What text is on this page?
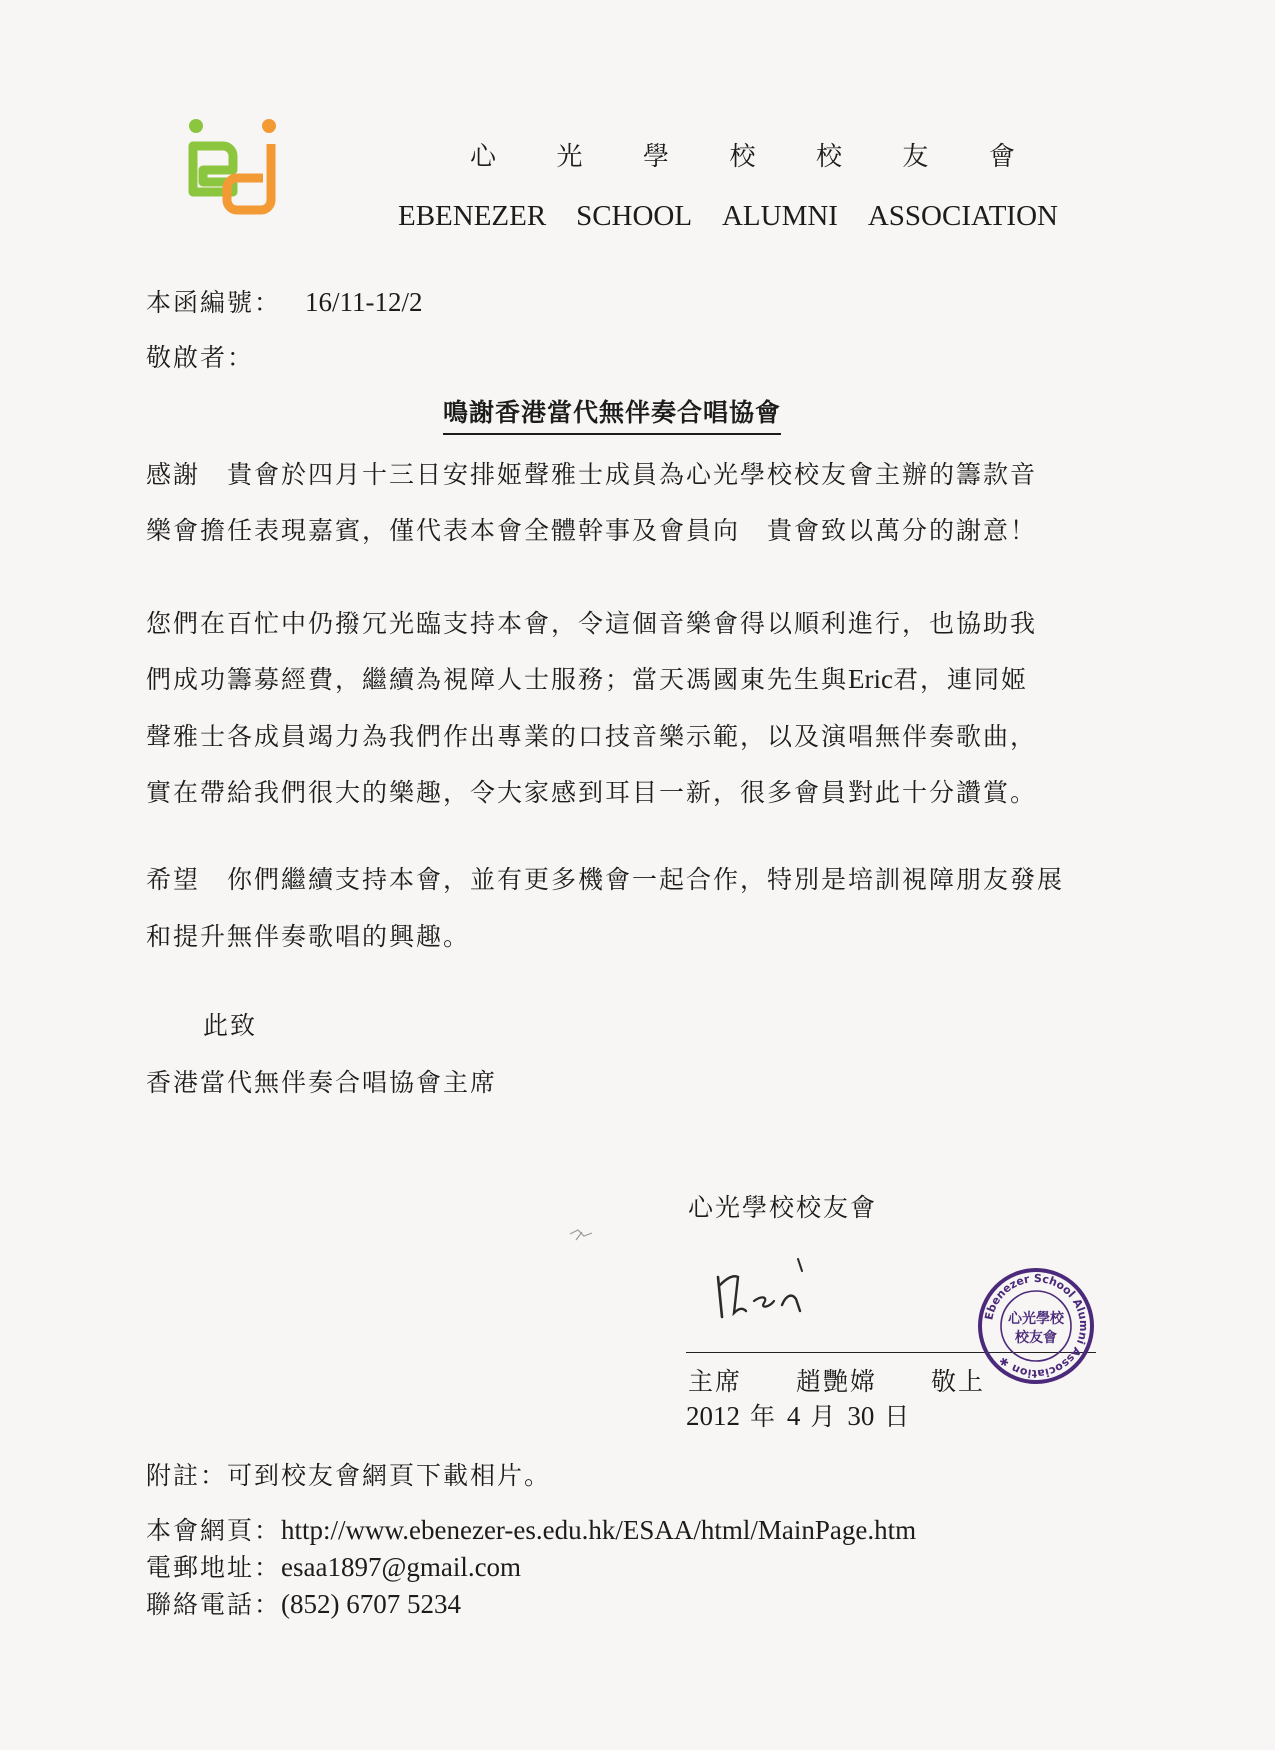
心 光 學 校 校 友 會
EBENEZER SCHOOL ALUMNI ASSOCIATION
本函編號： 16/11-12/2
敬啟者：
鳴謝香港當代無伴奏合唱協會
感謝　貴會於四月十三日安排姬聲雅士成員為心光學校校友會主辦的籌款音
樂會擔任表現嘉賓，僅代表本會全體幹事及會員向　貴會致以萬分的謝意！
您們在百忙中仍撥冗光臨支持本會，令這個音樂會得以順利進行，也協助我
們成功籌募經費，繼續為視障人士服務；當天馮國東先生與Eric君，連同姬
聲雅士各成員竭力為我們作出專業的口技音樂示範，以及演唱無伴奏歌曲，
實在帶給我們很大的樂趣，令大家感到耳目一新，很多會員對此十分讚賞。
希望　你們繼續支持本會，並有更多機會一起合作，特別是培訓視障朋友發展
和提升無伴奏歌唱的興趣。
此致
香港當代無伴奏合唱協會主席
心光學校校友會
Ebenezer School Alumni Association ✱
心光學校
校友會
主席　　趙艷嫦　　敬上
2012 年 4 月 30 日
附註：可到校友會網頁下載相片。
本會網頁：http://www.ebenezer-es.edu.hk/ESAA/html/MainPage.htm
電郵地址：esaa1897@gmail.com
聯絡電話：(852) 6707 5234
